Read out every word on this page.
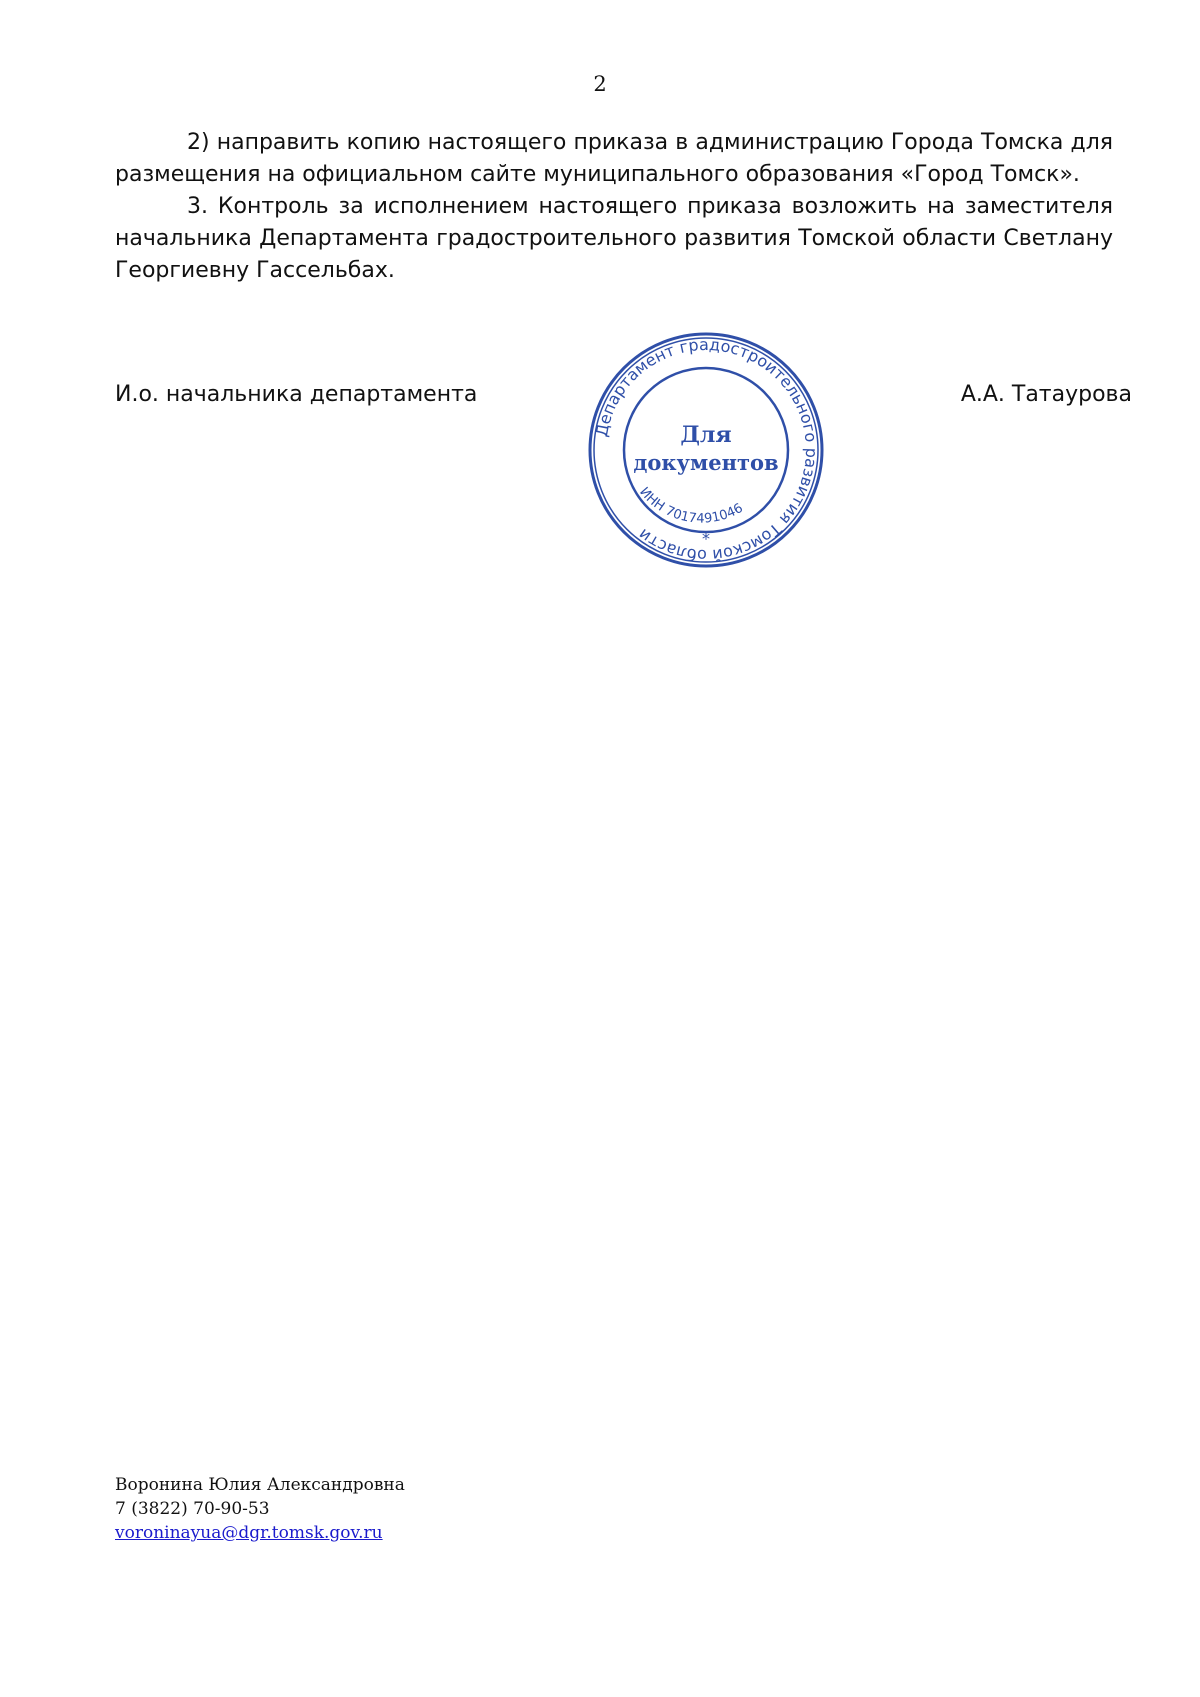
2

2) направить копию настоящего приказа в администрацию Города Томска для размещения на официальном сайте муниципального образования «Город Томск».

3. Контроль за исполнением настоящего приказа возложить на заместителя начальника Департамента градостроительного развития Томской области Светлану Георгиевну Гассельбах.

И.о. начальника департамента
Департамент градостроительного развития Томской области
Для
документов
ИНН 7017491046
*
А.А. Татаурова
Воронина Юлия Александровна
7 (3822) 70-90-53
voroninayua@dgr.tomsk.gov.ru
